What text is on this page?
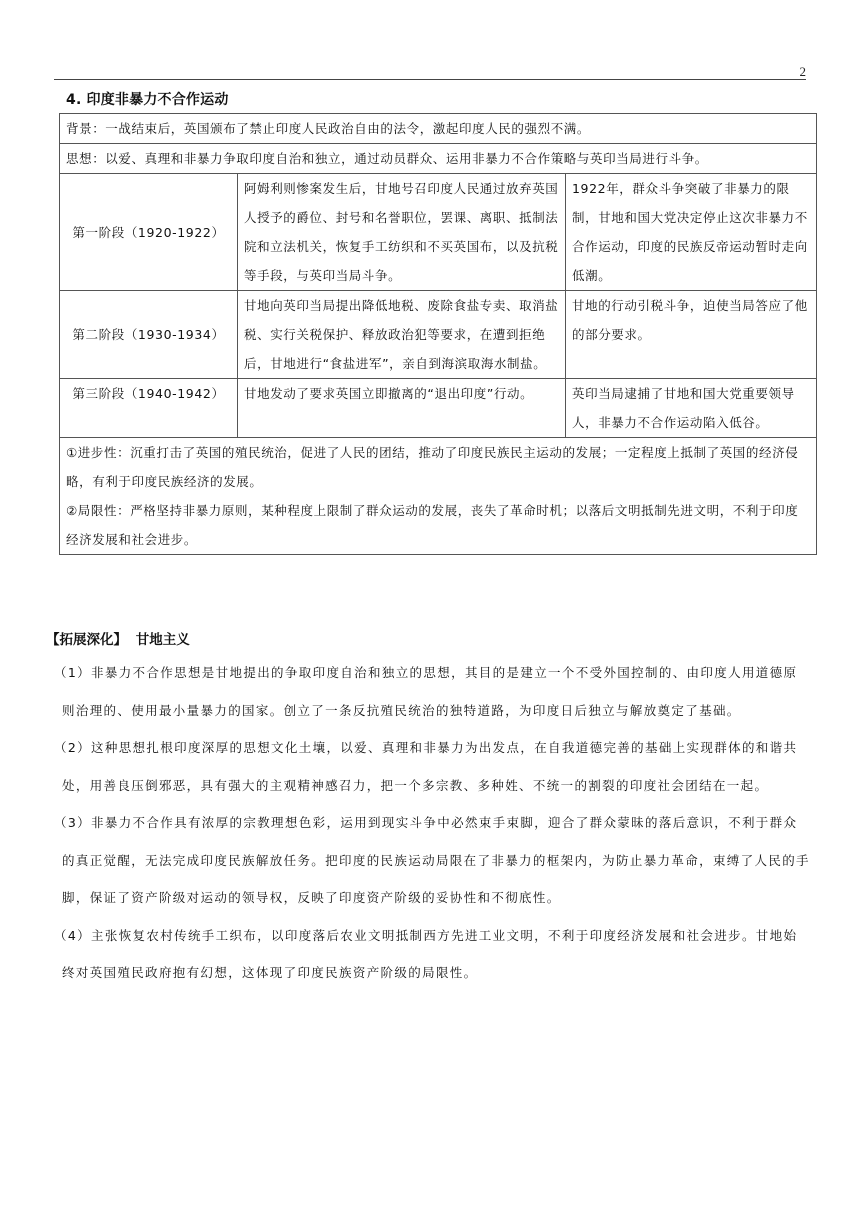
2
4. 印度非暴力不合作运动
背景：一战结束后，英国颁布了禁止印度人民政治自由的法令，激起印度人民的强烈不满。		
思想：以爱、真理和非暴力争取印度自治和独立，通过动员群众、运用非暴力不合作策略与英印当局进行斗争。		
第一阶段（1920-1922）	阿姆利则惨案发生后，甘地号召印度人民通过放弃英国人授予的爵位、封号和名誉职位，罢课、离职、抵制法院和立法机关，恢复手工纺织和不买英国布，以及抗税等手段，与英印当局斗争。	1922年，群众斗争突破了非暴力的限制，甘地和国大党决定停止这次非暴力不合作运动，印度的民族反帝运动暂时走向低潮。
第二阶段（1930-1934）	甘地向英印当局提出降低地税、废除食盐专卖、取消盐税、实行关税保护、释放政治犯等要求，在遭到拒绝后，甘地进行“食盐进军”，亲自到海滨取海水制盐。	甘地的行动引税斗争，迫使当局答应了他的部分要求。
第三阶段（1940-1942）	甘地发动了要求英国立即撤离的“退出印度”行动。	英印当局逮捕了甘地和国大党重要领导人，非暴力不合作运动陷入低谷。

①进步性：沉重打击了英国的殖民统治，促进了人民的团结，推动了印度民族民主运动的发展；一定程度上抵制了英国的经济侵略，有利于印度民族经济的发展。
②局限性：严格坚持非暴力原则，某种程度上限制了群众运动的发展，丧失了革命时机；以落后文明抵制先进文明，不利于印度经济发展和社会进步。		
【拓展深化】 甘地主义

（1）非暴力不合作思想是甘地提出的争取印度自治和独立的思想，其目的是建立一个不受外国控制的、由印度人用道德原则治理的、使用最小量暴力的国家。创立了一条反抗殖民统治的独特道路，为印度日后独立与解放奠定了基础。

（2）这种思想扎根印度深厚的思想文化土壤，以爱、真理和非暴力为出发点，在自我道德完善的基础上实现群体的和谐共处，用善良压倒邪恶，具有强大的主观精神感召力，把一个多宗教、多种姓、不统一的割裂的印度社会团结在一起。

（3）非暴力不合作具有浓厚的宗教理想色彩，运用到现实斗争中必然束手束脚，迎合了群众蒙昧的落后意识，不利于群众的真正觉醒，无法完成印度民族解放任务。把印度的民族运动局限在了非暴力的框架内，为防止暴力革命，束缚了人民的手脚，保证了资产阶级对运动的领导权，反映了印度资产阶级的妥协性和不彻底性。

（4）主张恢复农村传统手工织布，以印度落后农业文明抵制西方先进工业文明，不利于印度经济发展和社会进步。甘地始终对英国殖民政府抱有幻想，这体现了印度民族资产阶级的局限性。
